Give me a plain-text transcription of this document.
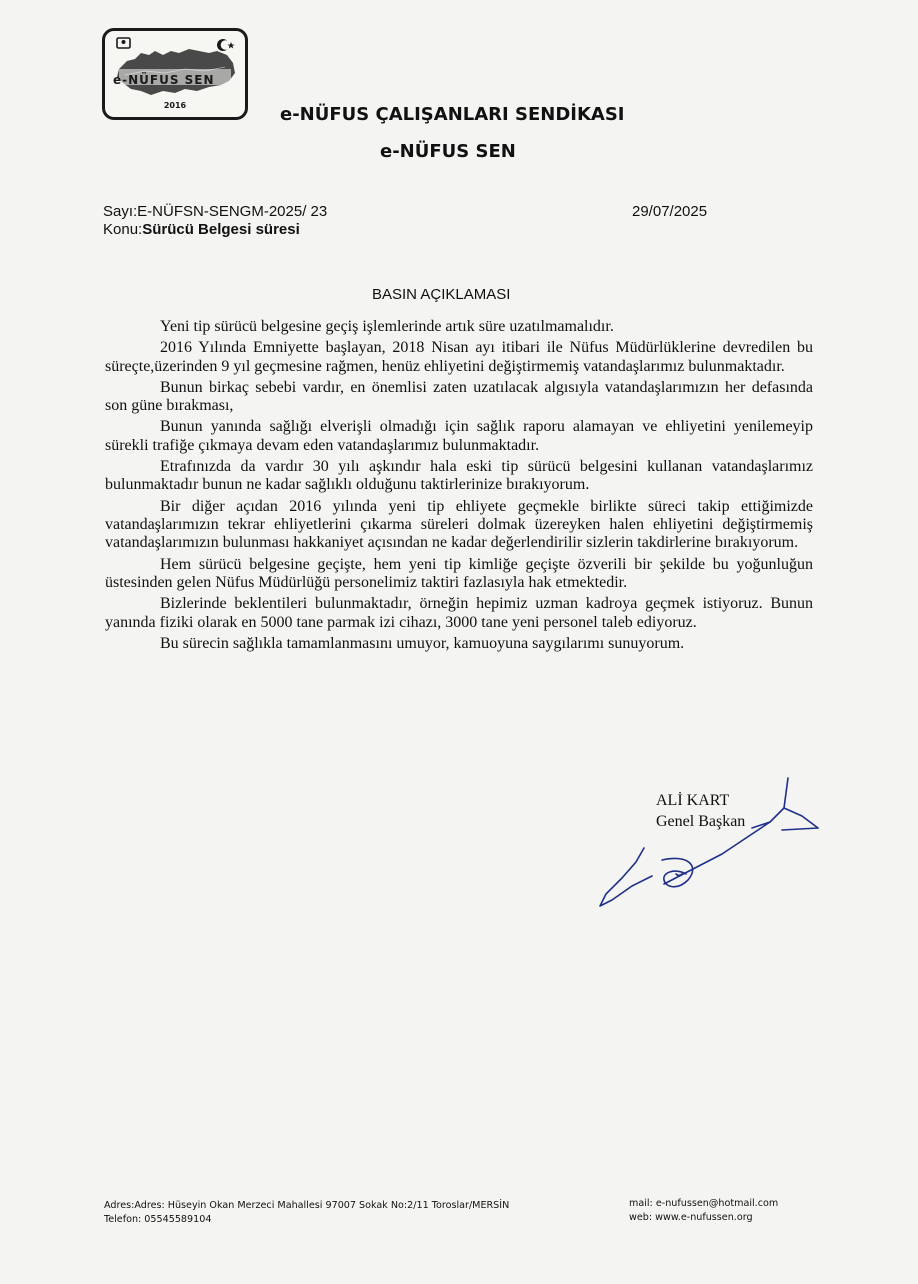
e-NÜFUS SEN
2016	e-NÜFUS ÇALIŞANLARI SENDİKASI
e-NÜFUS SEN
Sayı:E-NÜFSN-SENGM-2025/ 23
Konu:Sürücü Belgesi süresi
29/07/2025
BASIN AÇIKLAMASI

Yeni tip sürücü belgesine geçiş işlemlerinde artık süre uzatılmamalıdır.

2016 Yılında Emniyette başlayan, 2018 Nisan ayı itibari ile Nüfus Müdürlüklerine devredilen bu süreçte,üzerinden 9 yıl geçmesine rağmen, henüz ehliyetini değiştirmemiş vatandaşlarımız bulunmaktadır.

Bunun birkaç sebebi vardır, en önemlisi zaten uzatılacak algısıyla vatandaşlarımızın her defasında son güne bırakması,

Bunun yanında sağlığı elverişli olmadığı için sağlık raporu alamayan ve ehliyetini yenilemeyip sürekli trafiğe çıkmaya devam eden vatandaşlarımız bulunmaktadır.

Etrafınızda da vardır 30 yılı aşkındır hala eski tip sürücü belgesini kullanan vatandaşlarımız bulunmaktadır bunun ne kadar sağlıklı olduğunu taktirlerinize bırakıyorum.

Bir diğer açıdan 2016 yılında yeni tip ehliyete geçmekle birlikte süreci takip ettiğimizde vatandaşlarımızın tekrar ehliyetlerini çıkarma süreleri dolmak üzereyken halen ehliyetini değiştirmemiş vatandaşlarımızın bulunması hakkaniyet açısından ne kadar değerlendirilir sizlerin takdirlerine bırakıyorum.

Hem sürücü belgesine geçişte, hem yeni tip kimliğe geçişte özverili bir şekilde bu yoğunluğun üstesinden gelen Nüfus Müdürlüğü personelimiz taktiri fazlasıyla hak etmektedir.

Bizlerinde beklentileri bulunmaktadır, örneğin hepimiz uzman kadroya geçmek istiyoruz. Bunun yanında fiziki olarak en 5000 tane parmak izi cihazı, 3000 tane yeni personel taleb ediyoruz.

Bu sürecin sağlıkla tamamlanmasını umuyor, kamuoyuna saygılarımı sunuyorum.

ALİ KART
Genel Başkan
Adres:Adres: Hüseyin Okan Merzeci Mahallesi 97007 Sokak No:2/11 Toroslar/MERSİN
Telefon: 05545589104
mail: e-nufussen@hotmail.com
web: www.e-nufussen.org
